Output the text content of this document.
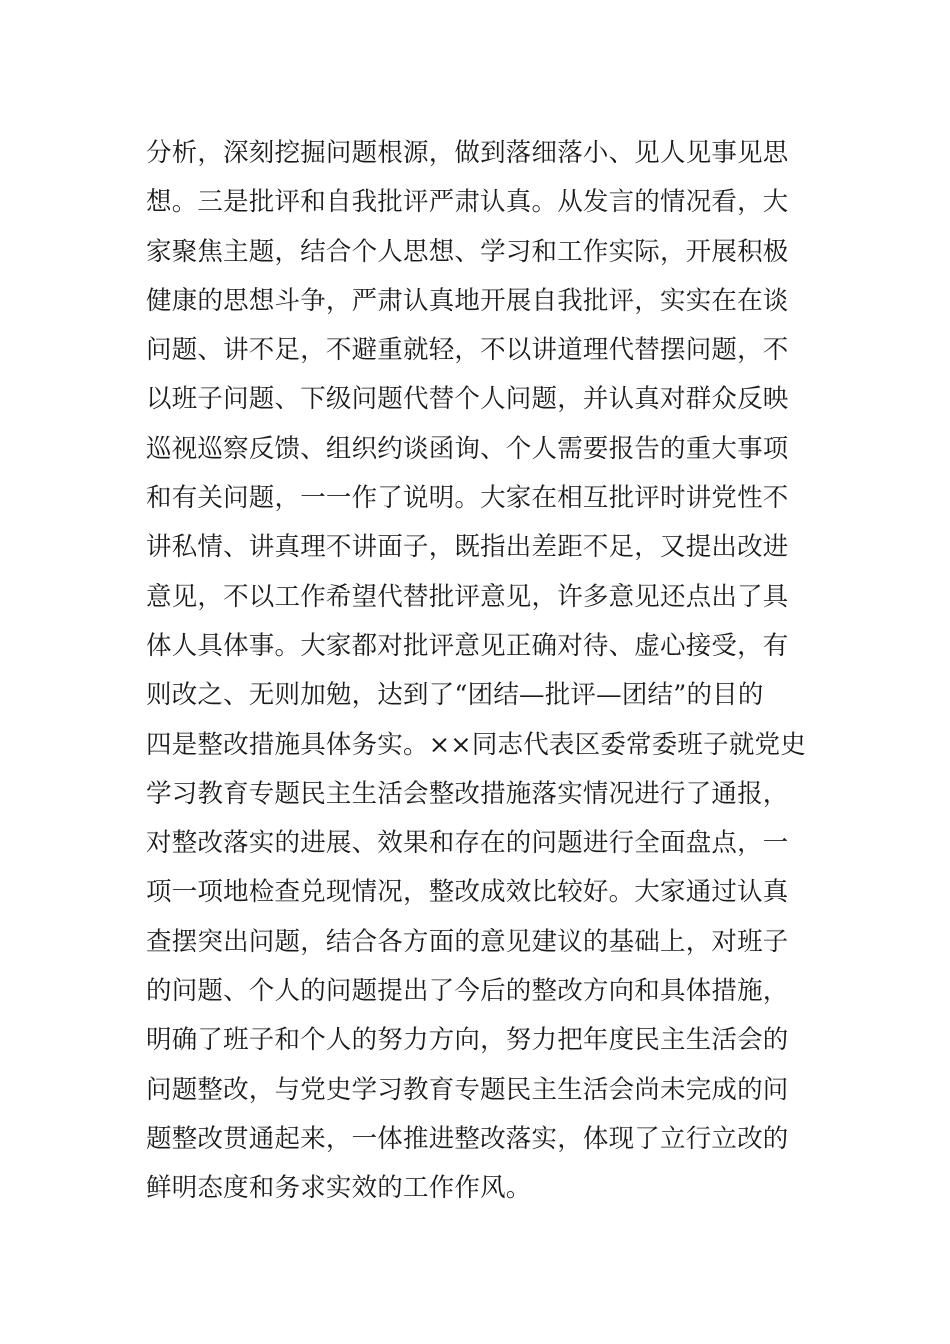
分析，深刻挖掘问题根源，做到落细落小、见人见事见思
想。三是批评和自我批评严肃认真。从发言的情况看，大
家聚焦主题，结合个人思想、学习和工作实际，开展积极
健康的思想斗争，严肃认真地开展自我批评，实实在在谈
问题、讲不足，不避重就轻，不以讲道理代替摆问题，不
以班子问题、下级问题代替个人问题，并认真对群众反映
巡视巡察反馈、组织约谈函询、个人需要报告的重大事项
和有关问题，一一作了说明。大家在相互批评时讲党性不
讲私情、讲真理不讲面子，既指出差距不足，又提出改进
意见，不以工作希望代替批评意见，许多意见还点出了具
体人具体事。大家都对批评意见正确对待、虚心接受，有
则改之、无则加勉，达到了“团结—批评—团结”的目的
四是整改措施具体务实。××同志代表区委常委班子就党史
学习教育专题民主生活会整改措施落实情况进行了通报，
对整改落实的进展、效果和存在的问题进行全面盘点，一
项一项地检查兑现情况，整改成效比较好。大家通过认真
查摆突出问题，结合各方面的意见建议的基础上，对班子
的问题、个人的问题提出了今后的整改方向和具体措施，
明确了班子和个人的努力方向，努力把年度民主生活会的
问题整改，与党史学习教育专题民主生活会尚未完成的问
题整改贯通起来，一体推进整改落实，体现了立行立改的
鲜明态度和务求实效的工作作风。
